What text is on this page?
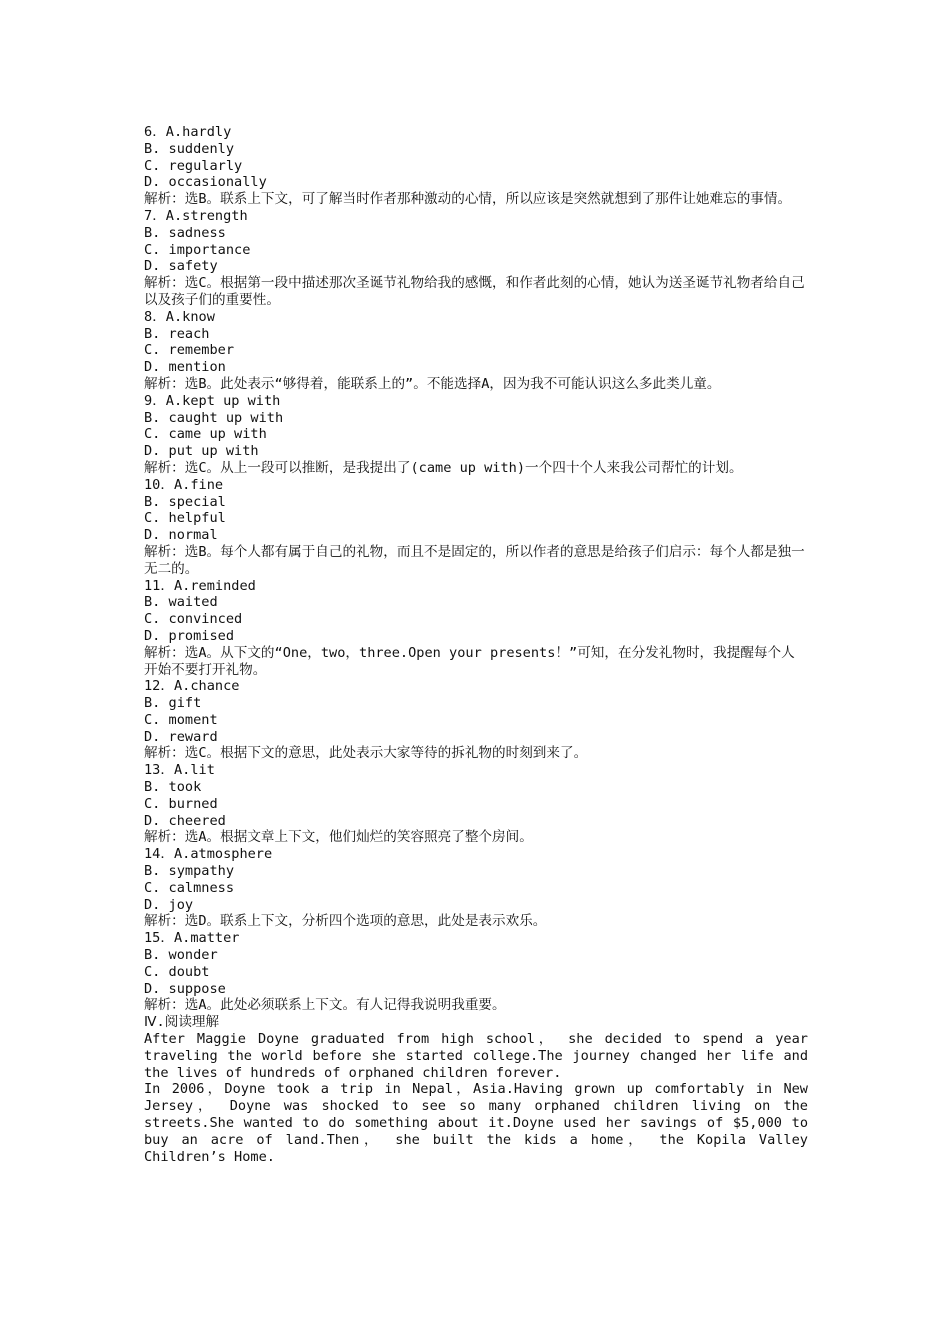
6．A.hardly
B. suddenly
C. regularly
D. occasionally
解析：选B。联系上下文，可了解当时作者那种激动的心情，所以应该是突然就想到了那件让她难忘的事情。
7．A.strength
B. sadness
C. importance
D. safety
解析：选C。根据第一段中描述那次圣诞节礼物给我的感慨，和作者此刻的心情，她认为送圣诞节礼物者给自己以及孩子们的重要性。
8．A.know
B. reach
C. remember
D. mention
解析：选B。此处表示“够得着，能联系上的”。不能选择A，因为我不可能认识这么多此类儿童。
9．A.kept up with
B. caught up with
C. came up with
D. put up with
解析：选C。从上一段可以推断，是我提出了(came up with)一个四十个人来我公司帮忙的计划。
10．A.fine
B. special
C. helpful
D. normal
解析：选B。每个人都有属于自己的礼物，而且不是固定的，所以作者的意思是给孩子们启示：每个人都是独一无二的。
11．A.reminded
B. waited
C. convinced
D. promised
解析：选A。从下文的“One，two，three.Open your presents！”可知，在分发礼物时，我提醒每个人开始不要打开礼物。
12．A.chance
B. gift
C. moment
D. reward
解析：选C。根据下文的意思，此处表示大家等待的拆礼物的时刻到来了。
13．A.lit
B. took
C. burned
D. cheered
解析：选A。根据文章上下文，他们灿烂的笑容照亮了整个房间。
14．A.atmosphere
B. sympathy
C. calmness
D. joy
解析：选D。联系上下文，分析四个选项的意思，此处是表示欢乐。
15．A.matter
B. wonder
C. doubt
D. suppose
解析：选A。此处必须联系上下文。有人记得我说明我重要。
Ⅳ.阅读理解
After Maggie Doyne graduated from high school， she decided to spend a year traveling the world before she started college.The journey changed her life and the lives of hundreds of orphaned children forever.
In 2006，Doyne took a trip in Nepal，Asia.Having grown up comfortably in New Jersey， Doyne was shocked to see so many orphaned children living on the streets.She wanted to do something about it.Doyne used her savings of $5,000 to buy an acre of land.Then， she built the kids a home， the Kopila Valley Children’s Home.
